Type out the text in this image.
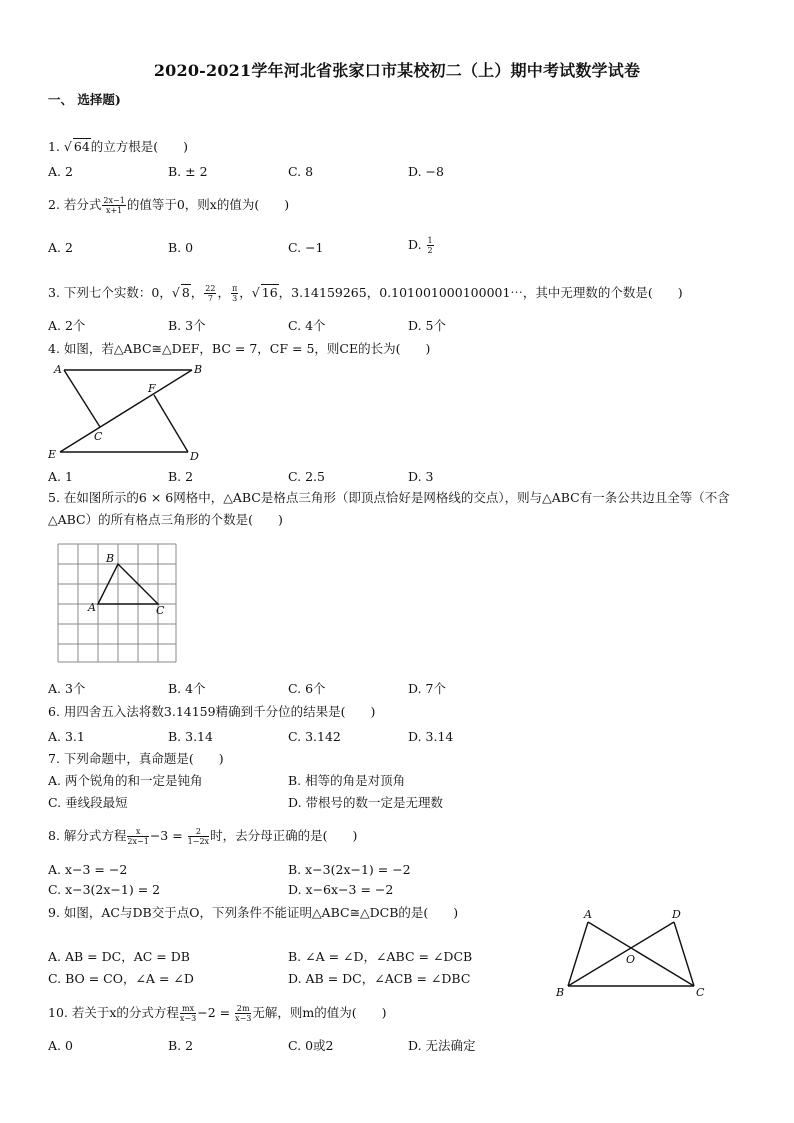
2020-2021学年河北省张家口市某校初二（上）期中考试数学试卷
一、 选择题)
1. √ 64的立方根是(　　)
A. 2	B. ± 2	C. 8	D. −8
2. 若分式 $\frac{2x-1}{x+1}$ 的值等于0，则x的值为(　　)
A. 2	B. 0	C. −1	D. $\frac{1}{2}$
3. 下列七个实数：0，√ 8， $\frac{22}{7}$ ， $\frac{\pi}{3}$ ，√ 16，3.14159265，0.101001000100001⋯，其中无理数的个数是(　　)
A. 2个	B. 3个	C. 4个	D. 5个
4. 如图，若△ABC≅△DEF，BC = 7，CF = 5，则CE的长为(　　)
A	B
C
D
E
F
A. 1	B. 2	C. 2.5	D. 3
5. 在如图所示的6 × 6网格中，△ABC是格点三角形（即顶点恰好是网格线的交点），则与△ABC有一条公共边且全等（不含△ABC）的所有格点三角形的个数是(　　)
A
B
C
A. 3个	B. 4个	C. 6个	D. 7个
6. 用四舍五入法将数3.14159精确到千分位的结果是(　　)
A. 3.1	B. 3.14	C. 3.142	D. 3.14
7. 下列命题中，真命题是(　　)
A. 两个锐角的和一定是钝角	B. 相等的角是对顶角
C. 垂线段最短	D. 带根号的数一定是无理数
8. 解分式方程 $\frac{x}{2x-1} -3 = \frac{2}{1-2x}$ 时，去分母正确的是(　　)
A. x−3 = −2	B. x−3(2x−1) = −2
C. x−3(2x−1) = 2	D. x−6x−3 = −2
9. 如图，AC与DB交于点O，下列条件不能证明△ABC≅△DCB的是(　　)
A. AB = DC，AC = DB	B. ∠A = ∠D，∠ABC = ∠DCB
C. BO = CO，∠A = ∠D	D. AB = DC，∠ACB = ∠DBC
A
B	C
D
O
10. 若关于x的分式方程 $\frac{mx}{x-3} -2 = \frac{2m}{x-3}$ 无解，则m的值为(　　)
A. 0	B. 2	C. 0或2	D. 无法确定
